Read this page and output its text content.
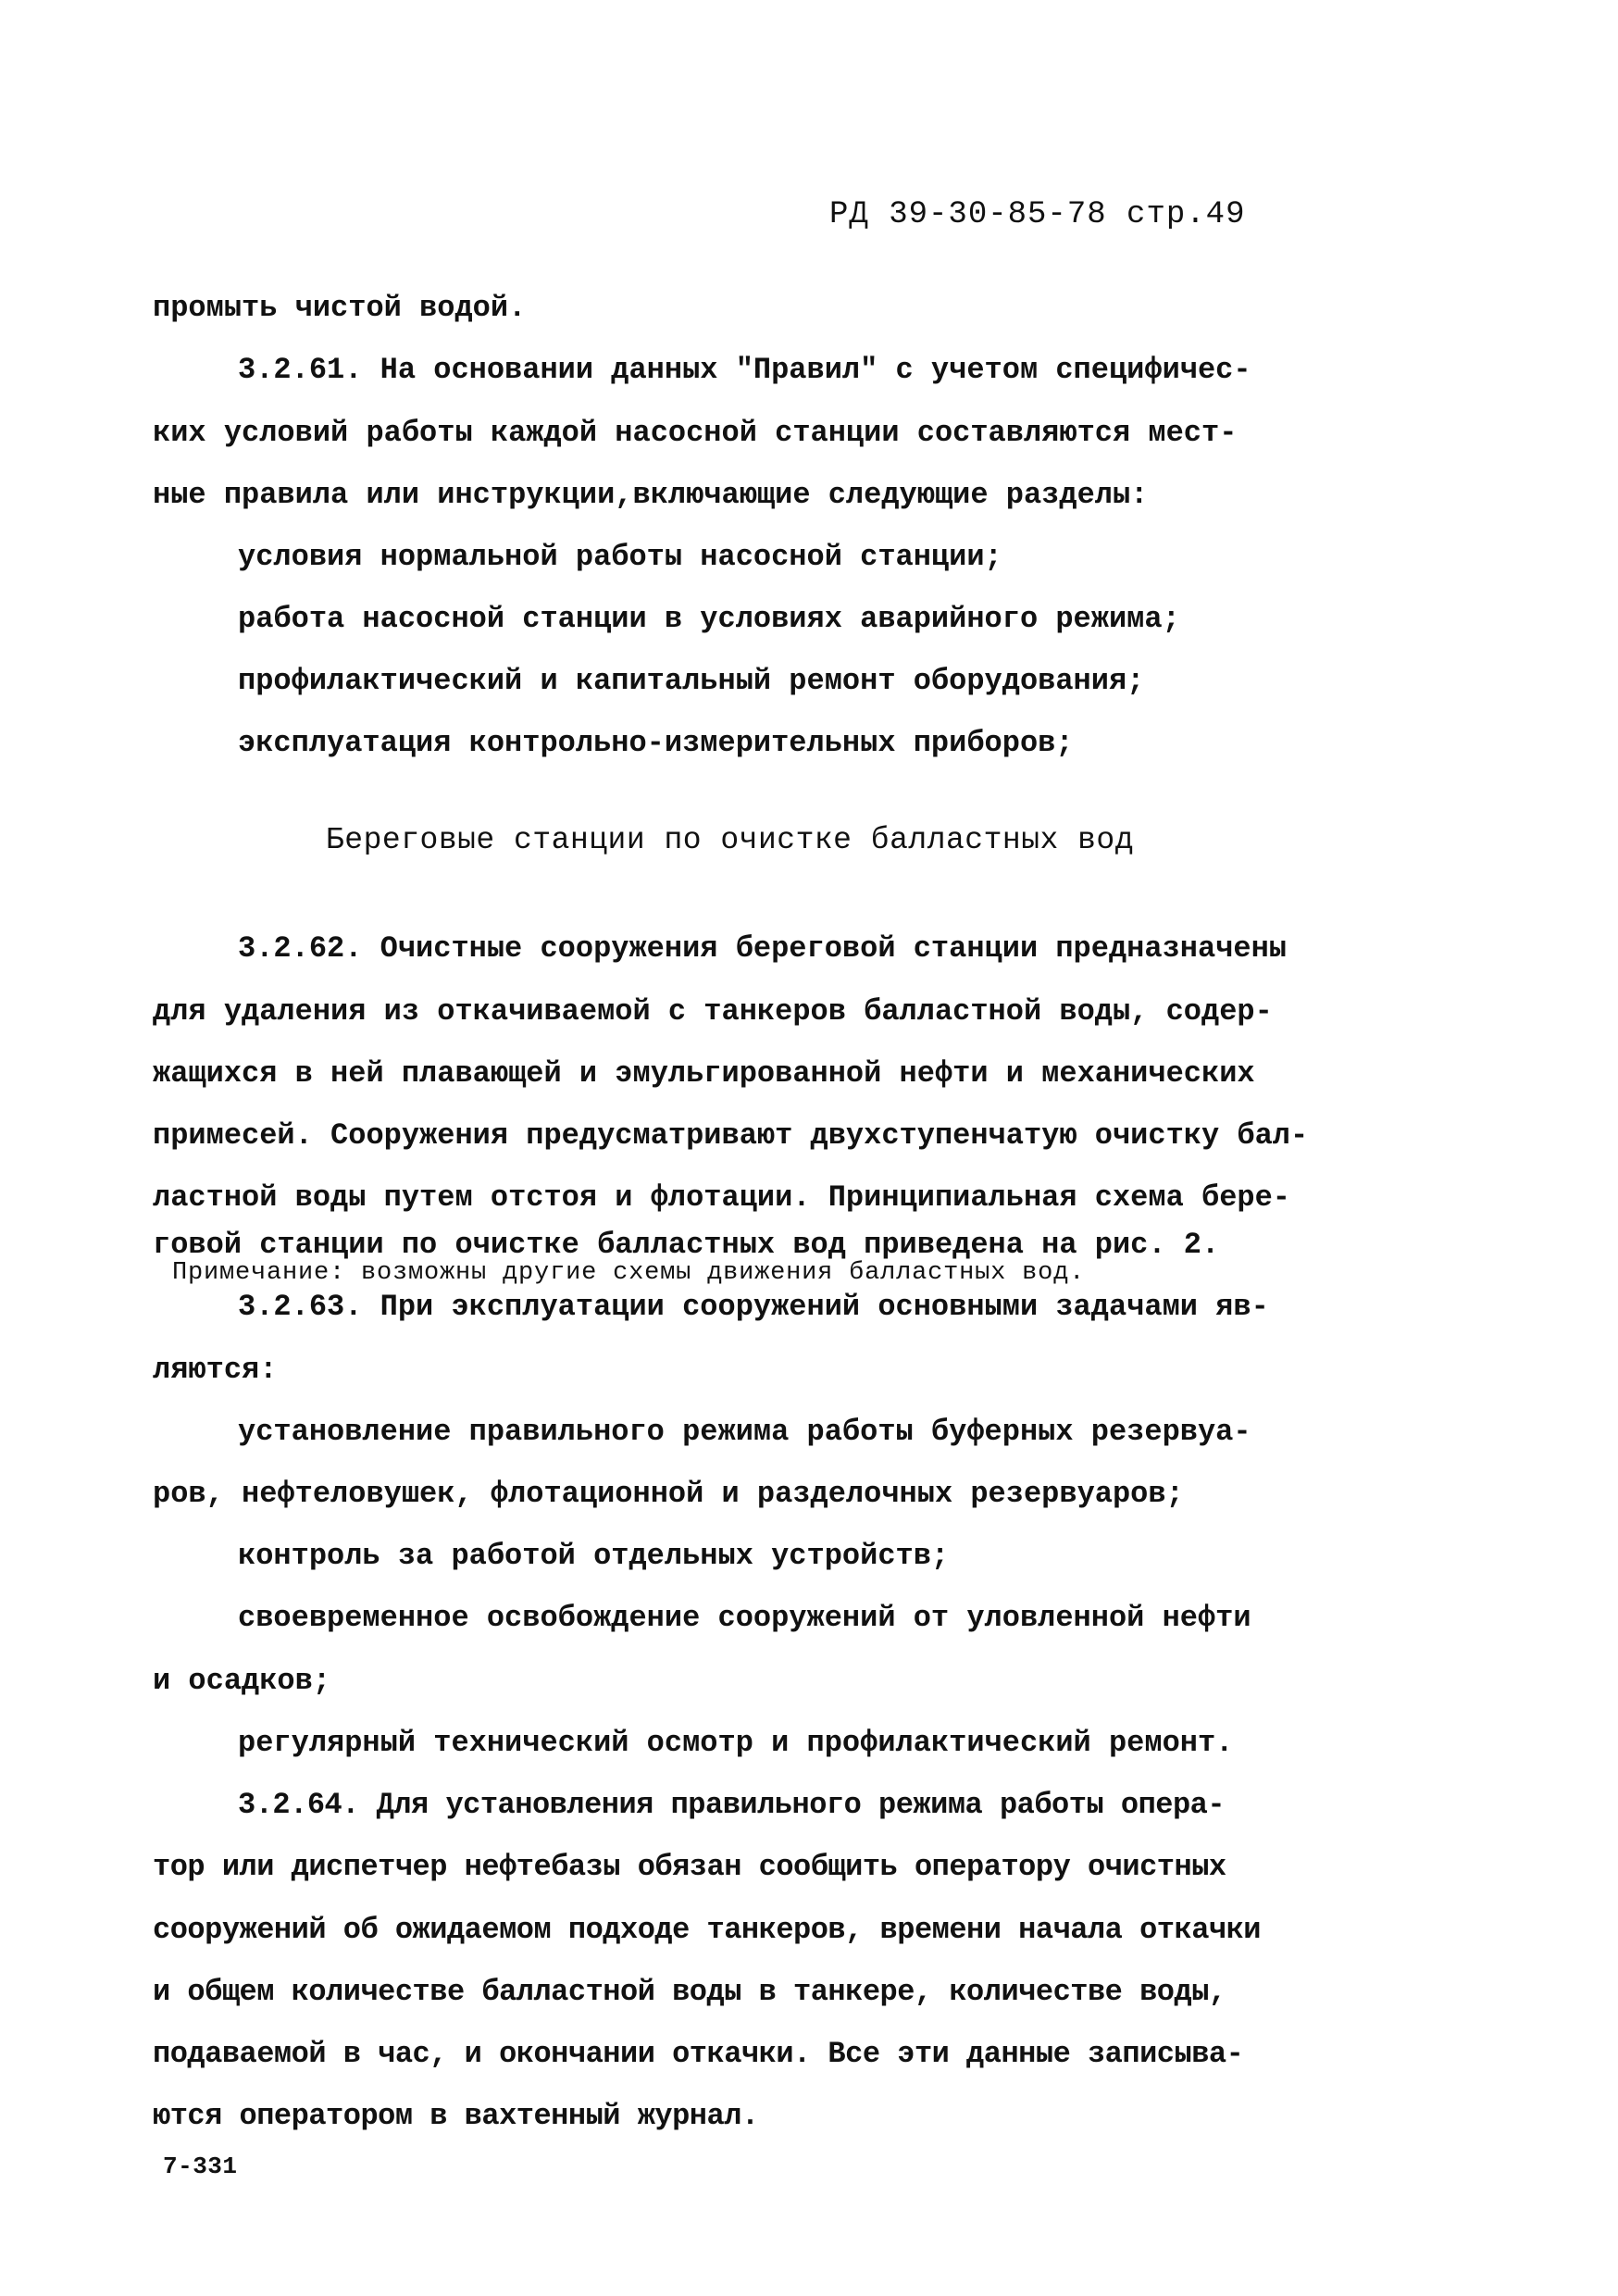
РД 39-30-85-78 стр.49
промыть чистой водой.
3.2.61. На основании данных "Правил" с учетом специфичес-
ких условий работы каждой насосной станции составляются мест-
ные правила или инструкции,включающие следующие разделы:
условия нормальной работы насосной станции;
работа насосной станции в условиях аварийного режима;
профилактический и капитальный ремонт оборудования;
эксплуатация контрольно-измерительных приборов;
Береговые станции по очистке балластных вод
3.2.62. Очистные сооружения береговой станции предназначены
для удаления из откачиваемой с танкеров балластной воды, содер-
жащихся в ней плавающей и эмульгированной нефти и механических
примесей. Сооружения предусматривают двухступенчатую очистку бал-
ластной воды путем отстоя и флотации. Принципиальная схема бере-
говой станции по очистке балластных вод приведена на рис. 2.
Примечание: возможны другие схемы движения балластных вод.
3.2.63. При эксплуатации сооружений основными задачами яв-
ляются:
установление правильного режима работы буферных резервуа-
ров, нефтеловушек, флотационной и разделочных резервуаров;
контроль за работой отдельных устройств;
своевременное освобождение сооружений от уловленной нефти
и осадков;
регулярный технический осмотр и профилактический ремонт.
3.2.64. Для установления правильного режима работы опера-
тор или диспетчер нефтебазы обязан сообщить оператору очистных
сооружений об ожидаемом подходе танкеров, времени начала откачки
и общем количестве балластной воды в танкере, количестве воды,
подаваемой в час, и окончании откачки. Все эти данные записыва-
ются оператором в вахтенный журнал.
7-331
